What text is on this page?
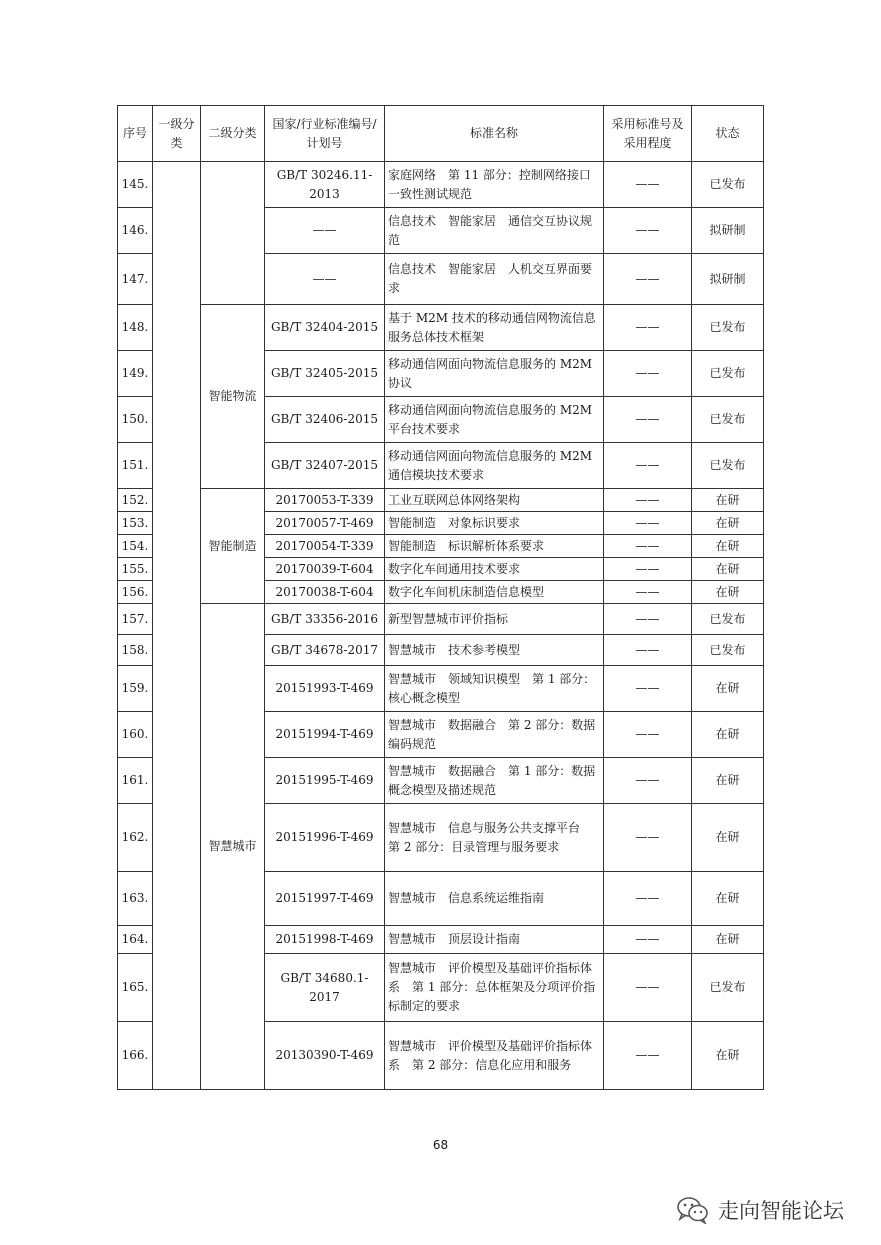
序号	一级分类	二级分类	国家/行业标准编号/计划号	标准名称	采用标准号及采用程度	状态
145.			GB/T 30246.11-2013	家庭网络　第 11 部分：控制网络接口一致性测试规范	——	已发布
146.			——	信息技术　智能家居　通信交互协议规范	——	拟研制
147.			——	信息技术　智能家居　人机交互界面要求	——	拟研制
148.		智能物流	GB/T 32404-2015	基于 M2M 技术的移动通信网物流信息服务总体技术框架	——	已发布
149.			GB/T 32405-2015	移动通信网面向物流信息服务的 M2M 协议	——	已发布
150.			GB/T 32406-2015	移动通信网面向物流信息服务的 M2M 平台技术要求	——	已发布
151.			GB/T 32407-2015	移动通信网面向物流信息服务的 M2M 通信模块技术要求	——	已发布
152.		智能制造	20170053-T-339	工业互联网总体网络架构	——	在研
153.			20170057-T-469	智能制造　对象标识要求	——	在研
154.			20170054-T-339	智能制造　标识解析体系要求	——	在研
155.			20170039-T-604	数字化车间通用技术要求	——	在研
156.			20170038-T-604	数字化车间机床制造信息模型	——	在研
157.		智慧城市	GB/T 33356-2016	新型智慧城市评价指标	——	已发布
158.			GB/T 34678-2017	智慧城市　技术参考模型	——	已发布
159.			20151993-T-469	智慧城市　领域知识模型　第 1 部分：核心概念模型	——	在研
160.			20151994-T-469	智慧城市　数据融合　第 2 部分：数据编码规范	——	在研
161.			20151995-T-469	智慧城市　数据融合　第 1 部分：数据概念模型及描述规范	——	在研
162.			20151996-T-469	智慧城市　信息与服务公共支撑平台　第 2 部分：目录管理与服务要求	——	在研
163.			20151997-T-469	智慧城市　信息系统运维指南	——	在研
164.			20151998-T-469	智慧城市　顶层设计指南	——	在研
165.			GB/T 34680.1-2017	智慧城市　评价模型及基础评价指标体系　第 1 部分：总体框架及分项评价指标制定的要求	——	已发布
166.			20130390-T-469	智慧城市　评价模型及基础评价指标体系　第 2 部分：信息化应用和服务	——	在研
68
走向智能论坛
